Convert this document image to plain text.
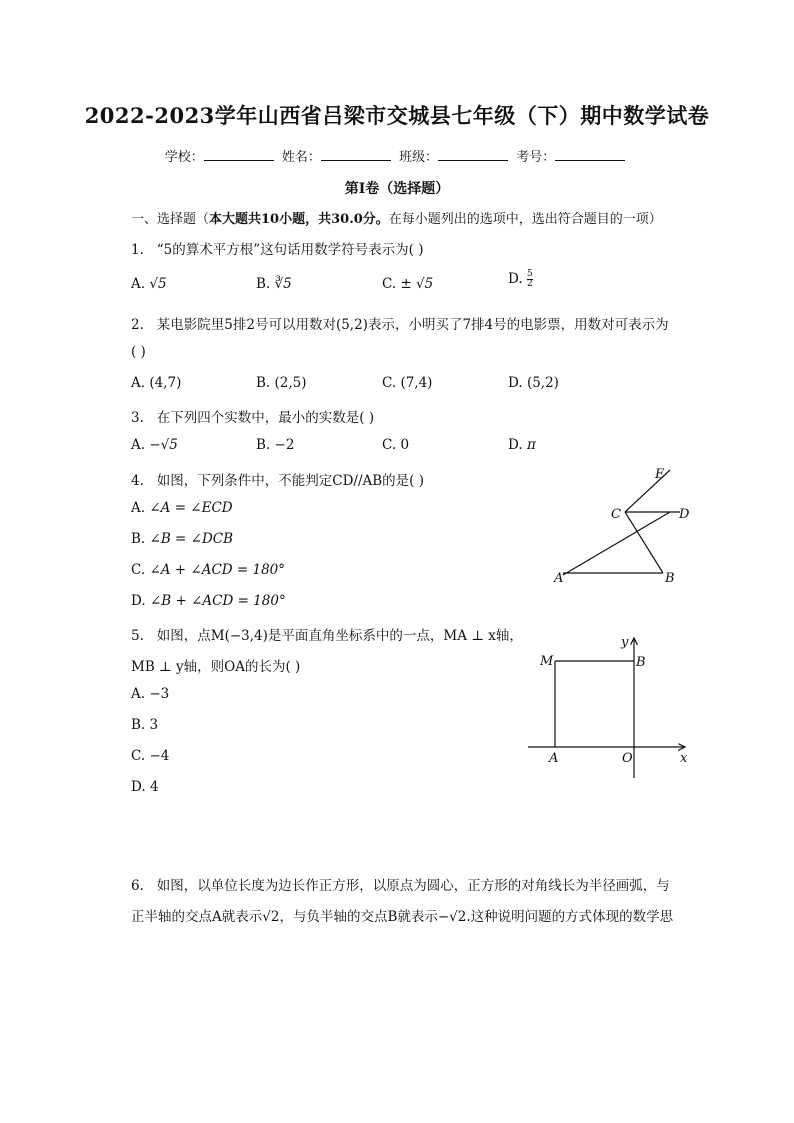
2022-2023学年山西省吕梁市交城县七年级（下）期中数学试卷
学校：	姓名：	班级：	考号：
第Ⅰ卷（选择题）
一、选择题（本大题共10小题，共30.0分。在每小题列出的选项中，选出符合题目的一项）
1. “5的算术平方根”这句话用数学符号表示为( )
A. √5	B. ∛5	C. ± √5	D. $\frac{5}{2}$
2. 某电影院里5排2号可以用数对(5,2)表示，小明买了7排4号的电影票，用数对可表示为
( )
A. (4,7)	B. (2,5)	C. (7,4)	D. (5,2)
3. 在下列四个实数中，最小的实数是( )
A. −√5	B. −2	C. 0	D. π
4. 如图，下列条件中，不能判定CD//AB的是( )
A. ∠A = ∠ECD
B. ∠B = ∠DCB
C. ∠A + ∠ACD = 180°
D. ∠B + ∠ACD = 180°
E
C	D
A	B
5. 如图，点M(−3,4)是平面直角坐标系中的一点，MA ⊥ x轴，
MB ⊥ y轴，则OA的长为( )
A. −3
B. 3
C. −4
D. 4
y
M	B
A	O	x
6. 如图，以单位长度为边长作正方形，以原点为圆心，正方形的对角线长为半径画弧，与
正半轴的交点A就表示√2，与负半轴的交点B就表示−√2.这种说明问题的方式体现的数学思
